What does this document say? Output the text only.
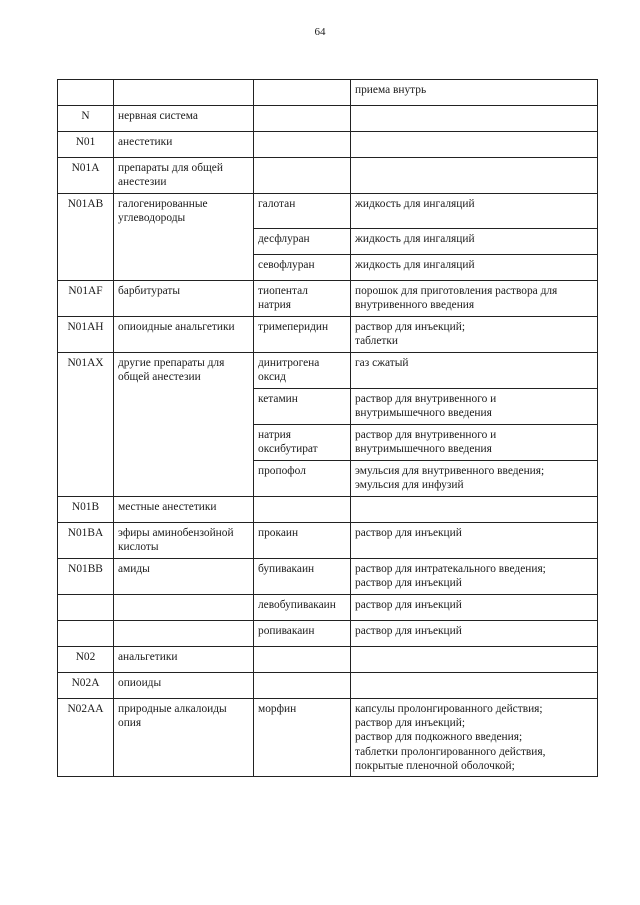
64

			приема внутрь

N	нервная система		

N01	анестетики		

N01A	препараты для общей
анестезии		

N01AB	галогенированные
углеводороды	галотан	жидкость для ингаляций

		десфлуран	жидкость для ингаляций

		севофлуран	жидкость для ингаляций

N01AF	барбитураты	тиопентал
натрия	порошок для приготовления раствора для
внутривенного введения

N01AH	опиоидные анальгетики	тримеперидин	раствор для инъекций;
таблетки

N01AX	другие препараты для
общей анестезии	динитрогена
оксид	газ сжатый

		кетамин	раствор для внутривенного и
внутримышечного введения

		натрия
оксибутират	раствор для внутривенного и
внутримышечного введения

		пропофол	эмульсия для внутривенного введения;
эмульсия для инфузий

N01B	местные анестетики		

N01BA	эфиры аминобензойной
кислоты	прокаин	раствор для инъекций

N01BB	амиды	бупивакаин	раствор для интратекального введения;
раствор для инъекций

		левобупивакаин	раствор для инъекций

		ропивакаин	раствор для инъекций

N02	анальгетики		

N02A	опиоиды		

N02AA	природные алкалоиды
опия	морфин	капсулы пролонгированного действия;
раствор для инъекций;
раствор для подкожного введения;
таблетки пролонгированного действия,
покрытые пленочной оболочкой;
